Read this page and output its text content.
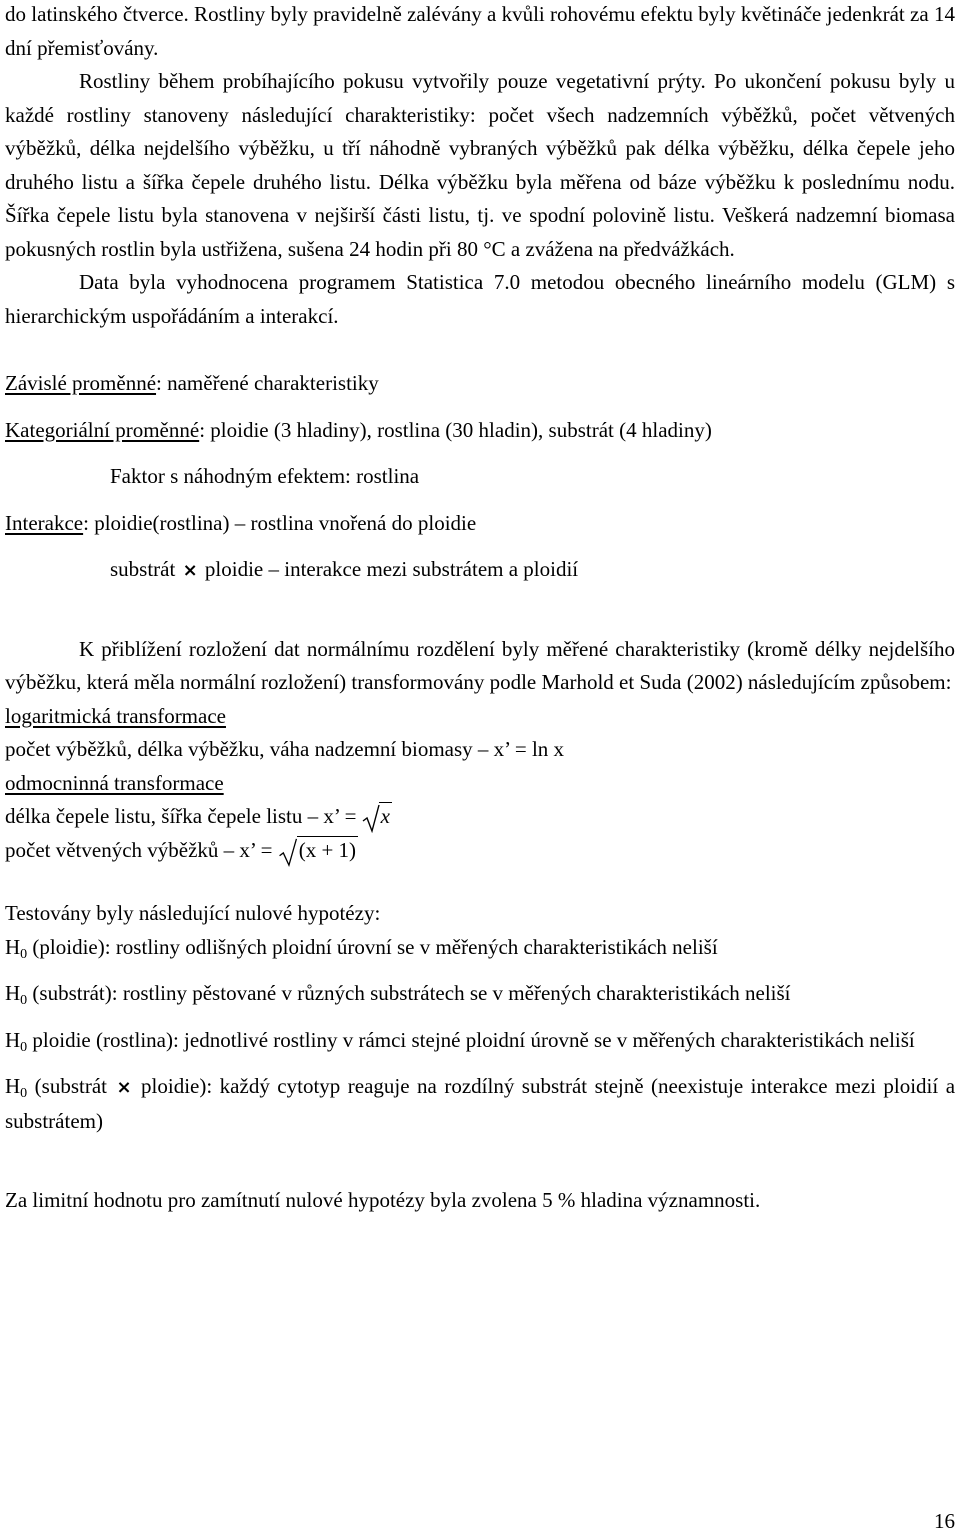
do latinského čtverce. Rostliny byly pravidelně zalévány a kvůli rohovému efektu byly květináče jedenkrát za 14 dní přemisťovány.

Rostliny během probíhajícího pokusu vytvořily pouze vegetativní prýty. Po ukončení pokusu byly u každé rostliny stanoveny následující charakteristiky: počet všech nadzemních výběžků, počet větvených výběžků, délka nejdelšího výběžku, u tří náhodně vybraných výběžků pak délka výběžku, délka čepele jeho druhého listu a šířka čepele druhého listu. Délka výběžku byla měřena od báze výběžku k poslednímu nodu. Šířka čepele listu byla stanovena v nejširší části listu, tj. ve spodní polovině listu. Veškerá nadzemní biomasa pokusných rostlin byla ustřižena, sušena 24 hodin při 80 °C a zvážena na předvážkách.

Data byla vyhodnocena programem Statistica 7.0 metodou obecného lineárního modelu (GLM) s hierarchickým uspořádáním a interakcí.

Závislé proměnné: naměřené charakteristiky

Kategoriální proměnné: ploidie (3 hladiny), rostlina (30 hladin), substrát (4 hladiny)

Faktor s náhodným efektem: rostlina

Interakce: ploidie(rostlina) – rostlina vnořená do ploidie

substrát × ploidie – interakce mezi substrátem a ploidií

K přiblížení rozložení dat normálnímu rozdělení byly měřené charakteristiky (kromě délky nejdelšího výběžku, která měla normální rozložení) transformovány podle Marhold et Suda (2002) následujícím způsobem:

logaritmická transformace

počet výběžků, délka výběžku, váha nadzemní biomasy – x’ = ln x

odmocninná transformace

délka čepele listu, šířka čepele listu – x’ = x

počet větvených výběžků – x’ = (x + 1)

Testovány byly následující nulové hypotézy:

$H_0$ (ploidie): rostliny odlišných ploidní úrovní se v měřených charakteristikách neliší

$H_0$ (substrát): rostliny pěstované v různých substrátech se v měřených charakteristikách neliší

$H_0$ ploidie (rostlina): jednotlivé rostliny v rámci stejné ploidní úrovně se v měřených charakteristikách neliší

$H_0$ (substrát × ploidie): každý cytotyp reaguje na rozdílný substrát stejně (neexistuje interakce mezi ploidií a substrátem)

Za limitní hodnotu pro zamítnutí nulové hypotézy byla zvolena 5 % hladina významnosti.

16
